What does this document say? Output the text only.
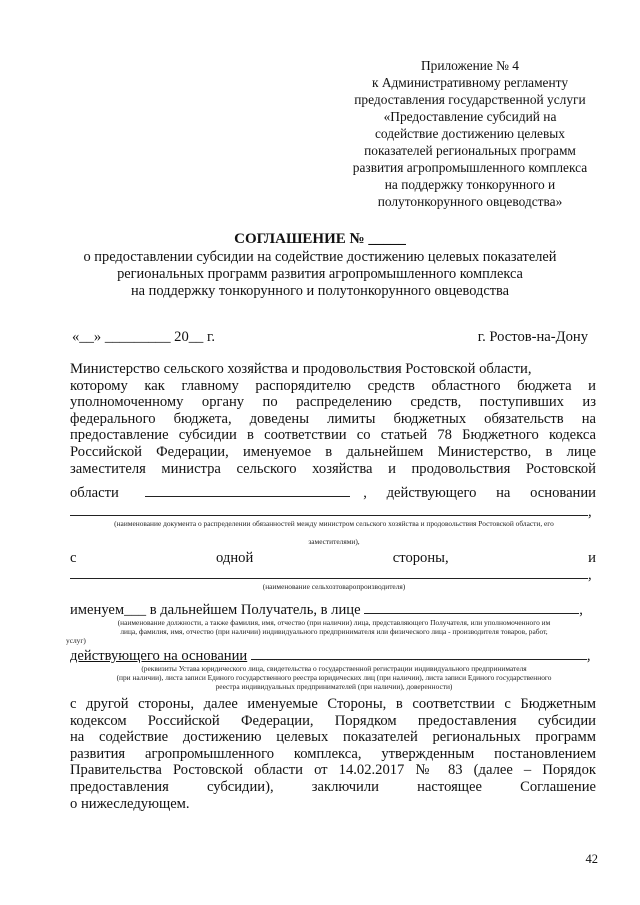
Приложение № 4
к Административному регламенту
предоставления государственной услуги
«Предоставление субсидий на
содействие достижению целевых
показателей региональных программ
развития агропромышленного комплекса
на поддержку тонкорунного и
полутонкорунного овцеводства»
СОГЛАШЕНИЕ № _____
о предоставлении субсидии на содействие достижению целевых показателей
региональных программ развития агропромышленного комплекса
на поддержку тонкорунного и полутонкорунного овцеводства
«__» _________ 20__ г.	г. Ростов-на-Дону
Министерство сельского хозяйства и продовольствия Ростовской области,
которому как главному распорядителю средств областного бюджета и
уполномоченному органу по распределению средств, поступивших из
федерального бюджета, доведены лимиты бюджетных обязательств на
предоставление субсидии в соответствии со статьей 78 Бюджетного кодекса
Российской Федерации, именуемое в дальнейшем Министерство, в лице
заместителя министра сельского хозяйства и продовольствия Ростовской
области	, действующего на основании
,
(наименование документа о распределении обязанностей между министром сельского хозяйства и продовольствия Ростовской области, его
заместителями),
с	одной	стороны,	и
,
(наименование сельхозтоваропроизводителя)
именуем___ в дальнейшем Получатель, в лице	,
(наименование должности, а также фамилия, имя, отчество (при наличии) лица, представляющего Получателя, или уполномоченного им
лица, фамилия, имя, отчество (при наличии) индивидуального предпринимателя или физического лица - производителя товаров, работ,
услуг)
действующего на основании	,
(реквизиты Устава юридического лица, свидетельства о государственной регистрации индивидуального предпринимателя
(при наличии), листа записи Единого государственного реестра юридических лиц (при наличии), листа записи Единого государственного
реестра индивидуальных предпринимателей (при наличии), доверенности)
с другой стороны, далее именуемые Стороны, в соответствии с Бюджетным
кодексом Российской Федерации, Порядком предоставления субсидии
на содействие достижению целевых показателей региональных программ
развития агропромышленного комплекса, утвержденным постановлением
Правительства Ростовской области от 14.02.2017 № 83 (далее – Порядок
предоставления субсидии), заключили настоящее Соглашение
о нижеследующем.
42
